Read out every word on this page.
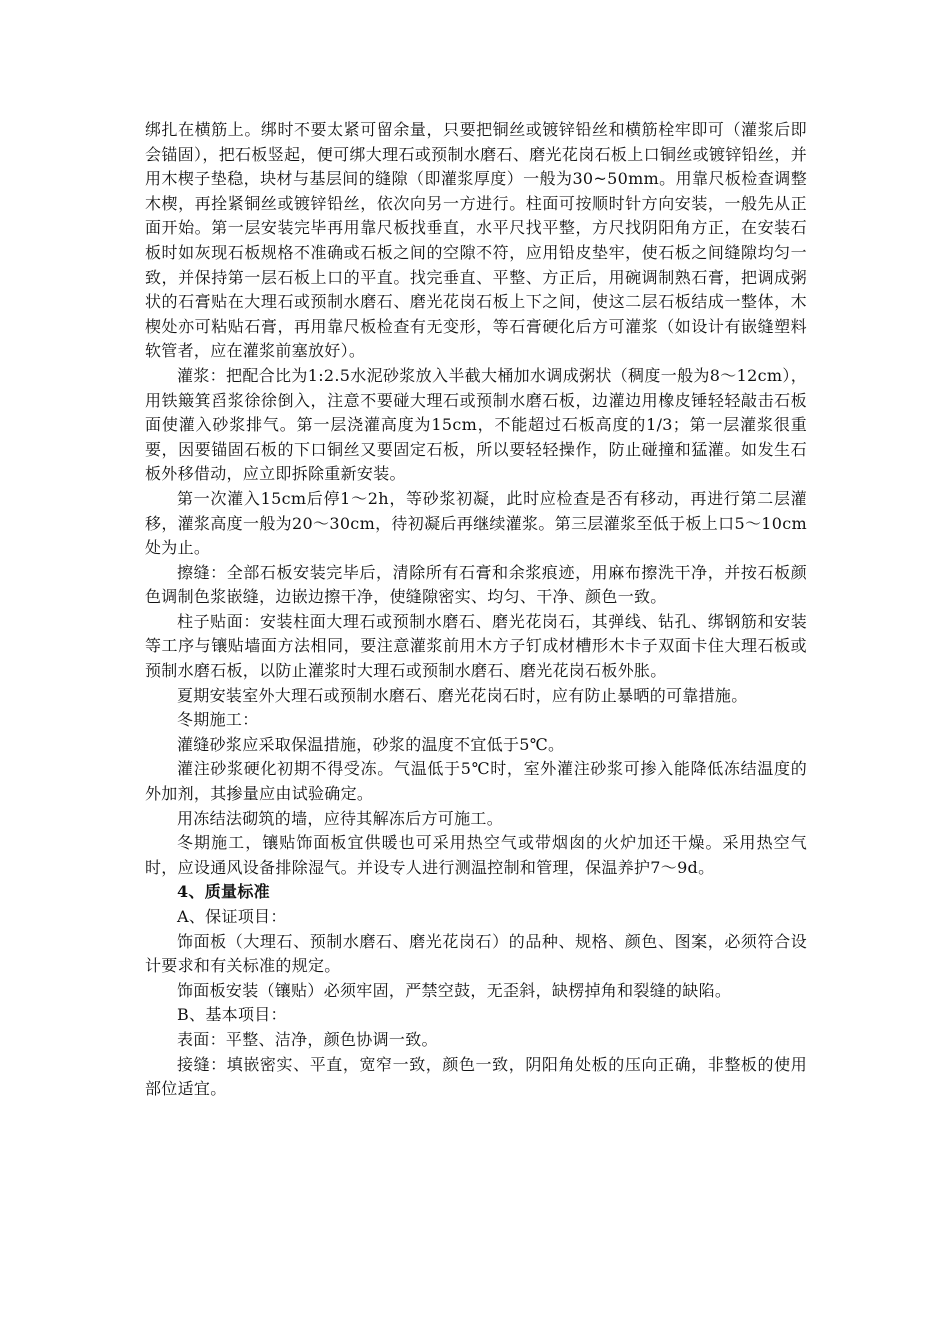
绑扎在横筋上。绑时不要太紧可留余量，只要把铜丝或镀锌铅丝和横筋栓牢即可（灌浆后即会锚固），把石板竖起，便可绑大理石或预制水磨石、磨光花岗石板上口铜丝或镀锌铅丝，并用木楔子垫稳，块材与基层间的缝隙（即灌浆厚度）一般为30~50mm。用靠尺板检查调整木楔，再拴紧铜丝或镀锌铅丝，依次向另一方进行。柱面可按顺时针方向安装，一般先从正面开始。第一层安装完毕再用靠尺板找垂直，水平尺找平整，方尺找阴阳角方正，在安装石板时如灰现石板规格不准确或石板之间的空隙不符，应用铅皮垫牢，使石板之间缝隙均匀一致，并保持第一层石板上口的平直。找完垂直、平整、方正后，用碗调制熟石膏，把调成粥状的石膏贴在大理石或预制水磨石、磨光花岗石板上下之间，使这二层石板结成一整体，木楔处亦可粘贴石膏，再用靠尺板检查有无变形，等石膏硬化后方可灌浆（如设计有嵌缝塑料软管者，应在灌浆前塞放好）。

灌浆：把配合比为1:2.5水泥砂浆放入半截大桶加水调成粥状（稠度一般为8～12cm），用铁簸箕舀浆徐徐倒入，注意不要碰大理石或预制水磨石板，边灌边用橡皮锤轻轻敲击石板面使灌入砂浆排气。第一层浇灌高度为15cm，不能超过石板高度的1/3；第一层灌浆很重要，因要锚固石板的下口铜丝又要固定石板，所以要轻轻操作，防止碰撞和猛灌。如发生石板外移借动，应立即拆除重新安装。

第一次灌入15cm后停1～2h，等砂浆初凝，此时应检查是否有移动，再进行第二层灌移，灌浆高度一般为20～30cm，待初凝后再继续灌浆。第三层灌浆至低于板上口5～10cm处为止。

擦缝：全部石板安装完毕后，清除所有石膏和余浆痕迹，用麻布擦洗干净，并按石板颜色调制色浆嵌缝，边嵌边擦干净，使缝隙密实、均匀、干净、颜色一致。

柱子贴面：安装柱面大理石或预制水磨石、磨光花岗石，其弹线、钻孔、绑钢筋和安装等工序与镶贴墙面方法相同，要注意灌浆前用木方子钉成材槽形木卡子双面卡住大理石板或预制水磨石板，以防止灌浆时大理石或预制水磨石、磨光花岗石板外胀。

夏期安装室外大理石或预制水磨石、磨光花岗石时，应有防止暴晒的可靠措施。

冬期施工：

灌缝砂浆应采取保温措施，砂浆的温度不宜低于5℃。

灌注砂浆硬化初期不得受冻。气温低于5℃时，室外灌注砂浆可掺入能降低冻结温度的外加剂，其掺量应由试验确定。

用冻结法砌筑的墙，应待其解冻后方可施工。

冬期施工，镶贴饰面板宜供暖也可采用热空气或带烟囱的火炉加还干燥。采用热空气时，应设通风设备排除湿气。并设专人进行测温控制和管理，保温养护7～9d。

4、质量标准

A、保证项目：

饰面板（大理石、预制水磨石、磨光花岗石）的品种、规格、颜色、图案，必须符合设计要求和有关标准的规定。

饰面板安装（镶贴）必须牢固，严禁空鼓，无歪斜，缺楞掉角和裂缝的缺陷。

B、基本项目：

表面：平整、洁净，颜色协调一致。

接缝：填嵌密实、平直，宽窄一致，颜色一致，阴阳角处板的压向正确，非整板的使用部位适宜。
